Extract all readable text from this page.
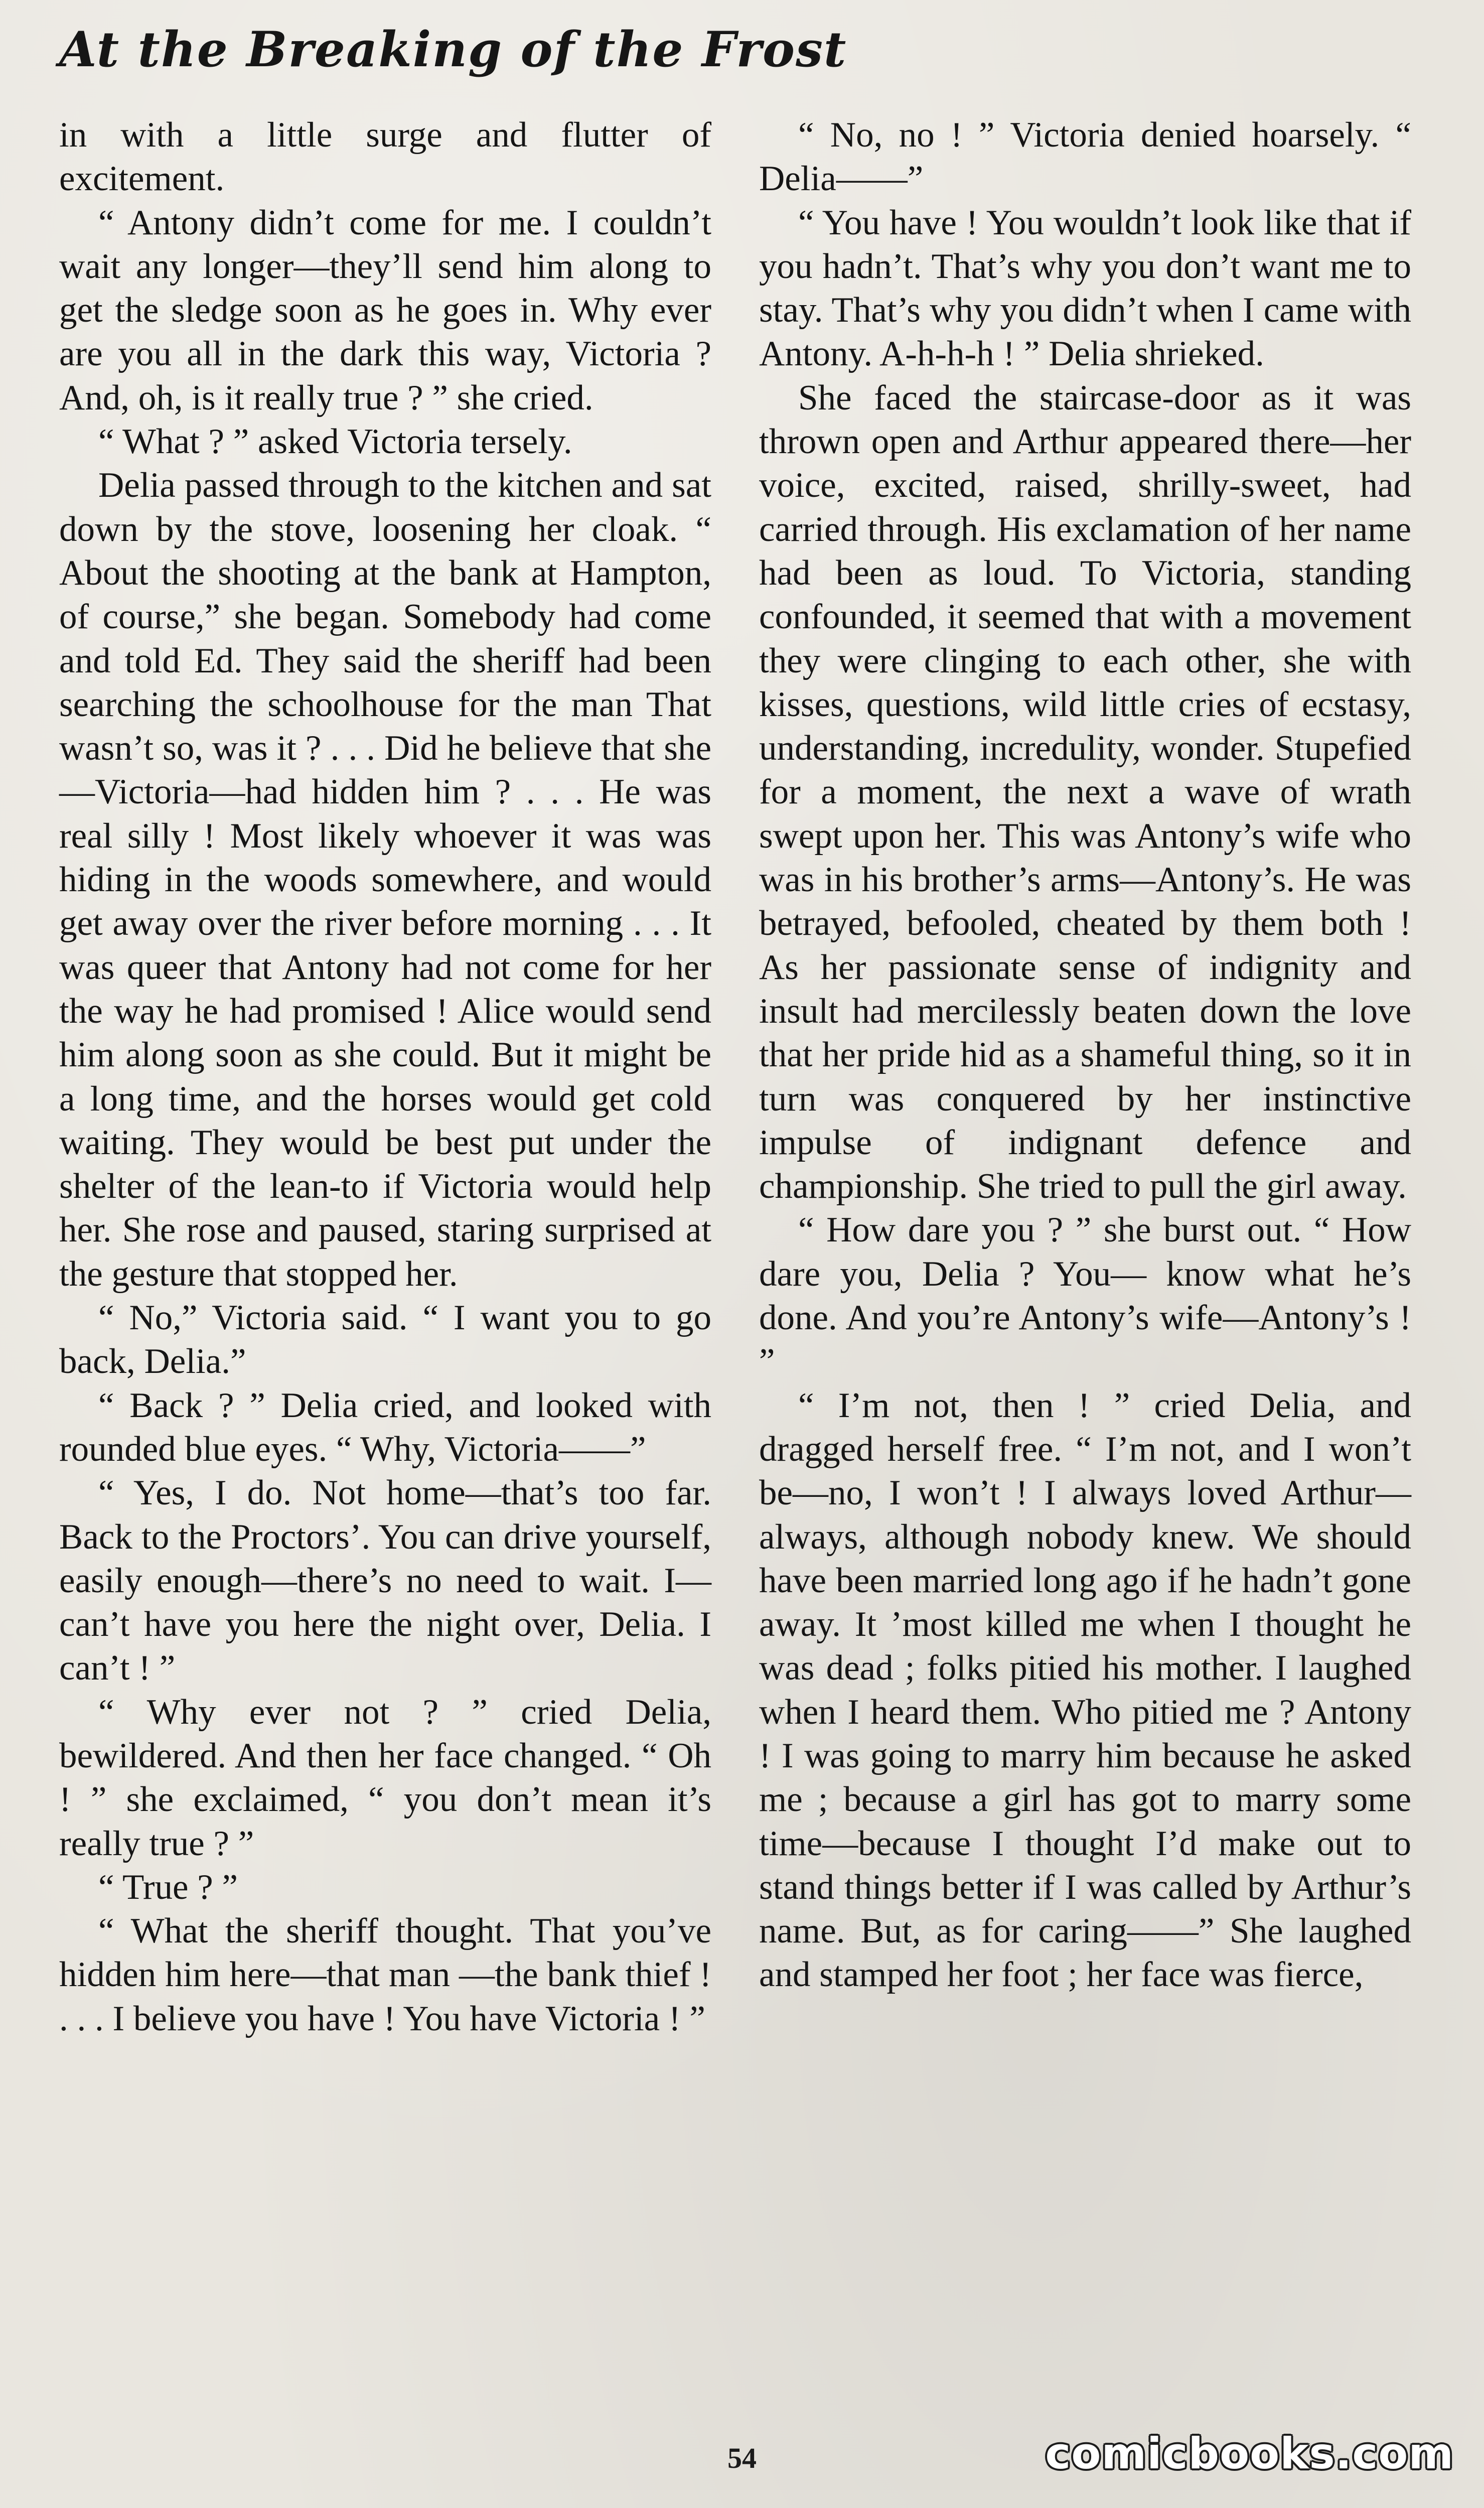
At the Breaking of the Frost

in with a little surge and flutter of excitement.

“ Antony didn’t come for me. I couldn’t wait any longer—they’ll send him along to get the sledge soon as he goes in. Why ever are you all in the dark this way, Victoria ? And, oh, is it really true ? ” she cried.

“ What ? ” asked Victoria tersely.

Delia passed through to the kitchen and sat down by the stove, loosening her cloak. “ About the shooting at the bank at Hampton, of course,” she began. Somebody had come and told Ed. They said the sheriff had been searching the schoolhouse for the man That wasn’t so, was it ? . . . Did he believe that she —Victoria—had hidden him ? . . . He was real silly ! Most likely whoever it was was hiding in the woods somewhere, and would get away over the river before morning . . . It was queer that Antony had not come for her the way he had promised ! Alice would send him along soon as she could. But it might be a long time, and the horses would get cold waiting. They would be best put under the shelter of the lean-to if Victoria would help her. She rose and paused, staring surprised at the gesture that stopped her.

“ No,” Victoria said. “ I want you to go back, Delia.”

“ Back ? ” Delia cried, and looked with rounded blue eyes. “ Why, Victoria——”

“ Yes, I do. Not home—that’s too far. Back to the Proctors’. You can drive yourself, easily enough—there’s no need to wait. I—can’t have you here the night over, Delia. I can’t ! ”

“ Why ever not ? ” cried Delia, bewildered. And then her face changed. “ Oh ! ” she exclaimed, “ you don’t mean it’s really true ? ”

“ True ? ”

“ What the sheriff thought. That you’ve hidden him here—that man —the bank thief ! . . . I believe you have ! You have Victoria ! ”

“ No, no ! ” Victoria denied hoarsely. “ Delia——”

“ You have ! You wouldn’t look like that if you hadn’t. That’s why you don’t want me to stay. That’s why you didn’t when I came with Antony. A-h-h-h ! ” Delia shrieked.

She faced the staircase-door as it was thrown open and Arthur appeared there—her voice, excited, raised, shrilly-sweet, had carried through. His exclamation of her name had been as loud. To Victoria, standing confounded, it seemed that with a movement they were clinging to each other, she with kisses, questions, wild little cries of ecstasy, understanding, incredulity, wonder. Stupefied for a moment, the next a wave of wrath swept upon her. This was Antony’s wife who was in his brother’s arms—Antony’s. He was betrayed, befooled, cheated by them both ! As her passionate sense of indignity and insult had mercilessly beaten down the love that her pride hid as a shameful thing, so it in turn was conquered by her instinctive impulse of indignant defence and championship. She tried to pull the girl away.

“ How dare you ? ” she burst out. “ How dare you, Delia ? You— know what he’s done. And you’re Antony’s wife—Antony’s ! ”

“ I’m not, then ! ” cried Delia, and dragged herself free. “ I’m not, and I won’t be—no, I won’t ! I always loved Arthur—always, although nobody knew. We should have been married long ago if he hadn’t gone away. It ’most killed me when I thought he was dead ; folks pitied his mother. I laughed when I heard them. Who pitied me ? Antony ! I was going to marry him because he asked me ; because a girl has got to marry some time—because I thought I’d make out to stand things better if I was called by Arthur’s name. But, as for caring——” She laughed and stamped her foot ; her face was fierce,

54	comicbooks.com
